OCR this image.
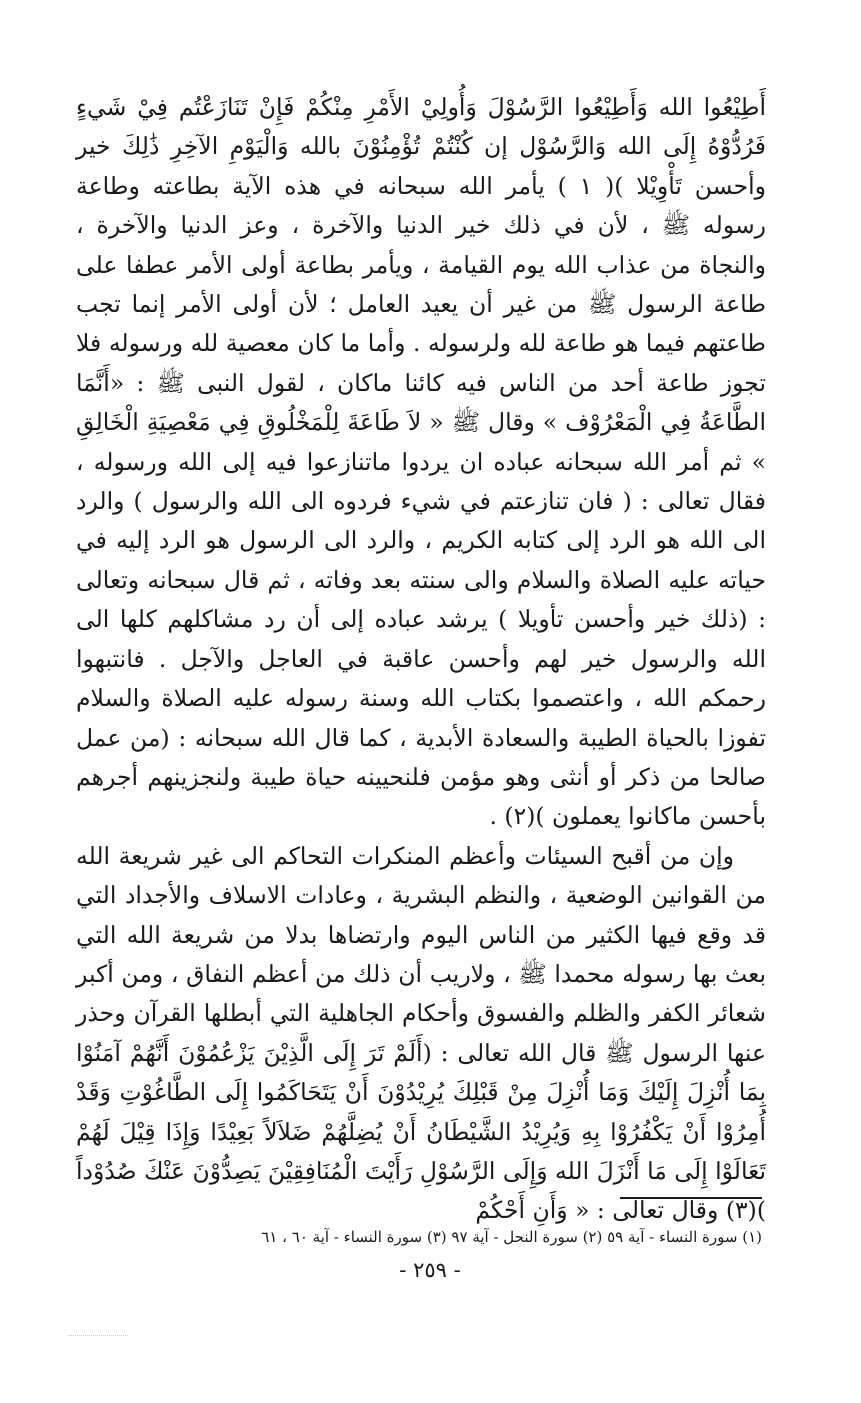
أَطِيْعُوا الله وَأَطِيْعُوا الرَّسُوْلَ وَأُولِيْ الأَمْرِ مِنْكُمْ فَإِنْ تَنَازَعْتُم فِيْ شَيءٍ فَرُدُّوْهُ إِلَى الله وَالرَّسُوْل إن كُنْتُمْ تُؤْمِنُوْنَ بالله وَالْيَوْمِ الآخِرِ ذَٰلِكَ خير وأحسن تَأْوِيْلا )( ١ ) يأمر الله سبحانه في هذه الآية بطاعته وطاعة رسوله ﷺ ، لأن في ذلك خير الدنيا والآخرة ، وعز الدنيا والآخرة ، والنجاة من عذاب الله يوم القيامة ، ويأمر بطاعة أولى الأمر عطفا على طاعة الرسول ﷺ من غير أن يعيد العامل ؛ لأن أولى الأمر إنما تجب طاعتهم فيما هو طاعة لله ولرسوله . وأما ما كان معصية لله ورسوله فلا تجوز طاعة أحد من الناس فيه كائنا ماكان ، لقول النبى ﷺ : «أَنَّمَا الطَّاعَةُ فِي الْمَعْرُوْف » وقال ﷺ « لاَ طَاعَةَ لِلْمَخْلُوقِ فِي مَعْصِيَةِ الْخَالِقِ » ثم أمر الله سبحانه عباده ان يردوا ماتنازعوا فيه إلى الله ورسوله ، فقال تعالى : ( فان تنازعتم في شيء فردوه الى الله والرسول ) والرد الى الله هو الرد إلى كتابه الكريم ، والرد الى الرسول هو الرد إليه في حياته عليه الصلاة والسلام والى سنته بعد وفاته ، ثم قال سبحانه وتعالى : (ذلك خير وأحسن تأويلا ) يرشد عباده إلى أن رد مشاكلهم كلها الى الله والرسول خير لهم وأحسن عاقبة في العاجل والآجل . فانتبهوا رحمكم الله ، واعتصموا بكتاب الله وسنة رسوله عليه الصلاة والسلام تفوزا بالحياة الطيبة والسعادة الأبدية ، كما قال الله سبحانه : (من عمل صالحا من ذكر أو أنثى وهو مؤمن فلنحيينه حياة طيبة ولنجزينهم أجرهم بأحسن ماكانوا يعملون )(٢) .

وإن من أقبح السيئات وأعظم المنكرات التحاكم الى غير شريعة الله من القوانين الوضعية ، والنظم البشرية ، وعادات الاسلاف والأجداد التي قد وقع فيها الكثير من الناس اليوم وارتضاها بدلا من شريعة الله التي بعث بها رسوله محمدا ﷺ ، ولاريب أن ذلك من أعظم النفاق ، ومن أكبر شعائر الكفر والظلم والفسوق وأحكام الجاهلية التي أبطلها القرآن وحذر عنها الرسول ﷺ قال الله تعالى : (أَلَمْ تَرَ إِلَى الَّذِيْنَ يَزْعُمُوْنَ أَنَّهُمْ آمَنُوْا بِمَا أُنْزِلَ إِلَيْكَ وَمَا أُنْزِلَ مِنْ قَبْلِكَ يُرِيْدُوْنَ أَنْ يَتَحَاكَمُوا إِلَى الطَّاغُوْتِ وَقَدْ أُمِرُوْا أَنْ يَكْفُرُوْا بِهِ وَيُرِيْدُ الشَّيْطَانُ أَنْ يُضِلَّهُمْ ضَلاَلاً بَعِيْدًا وَإِذَا قِيْلَ لَهُمْ تَعَالَوْا إِلَى مَا أَنْزَلَ الله وَإِلَى الرَّسُوْلِ رَأَيْتَ الْمُنَافِقِيْنَ يَصِدُّوْنَ عَنْكَ صُدُوْداً )(٣) وقال تعالى : « وَأَنِ أَحْكُمْ

(١) سورة النساء - آية ٥٩ (٢) سورة النحل - آية ٩٧ (٣) سورة النساء - آية ٦٠ ، ٦١
- ٢٥٩ -
